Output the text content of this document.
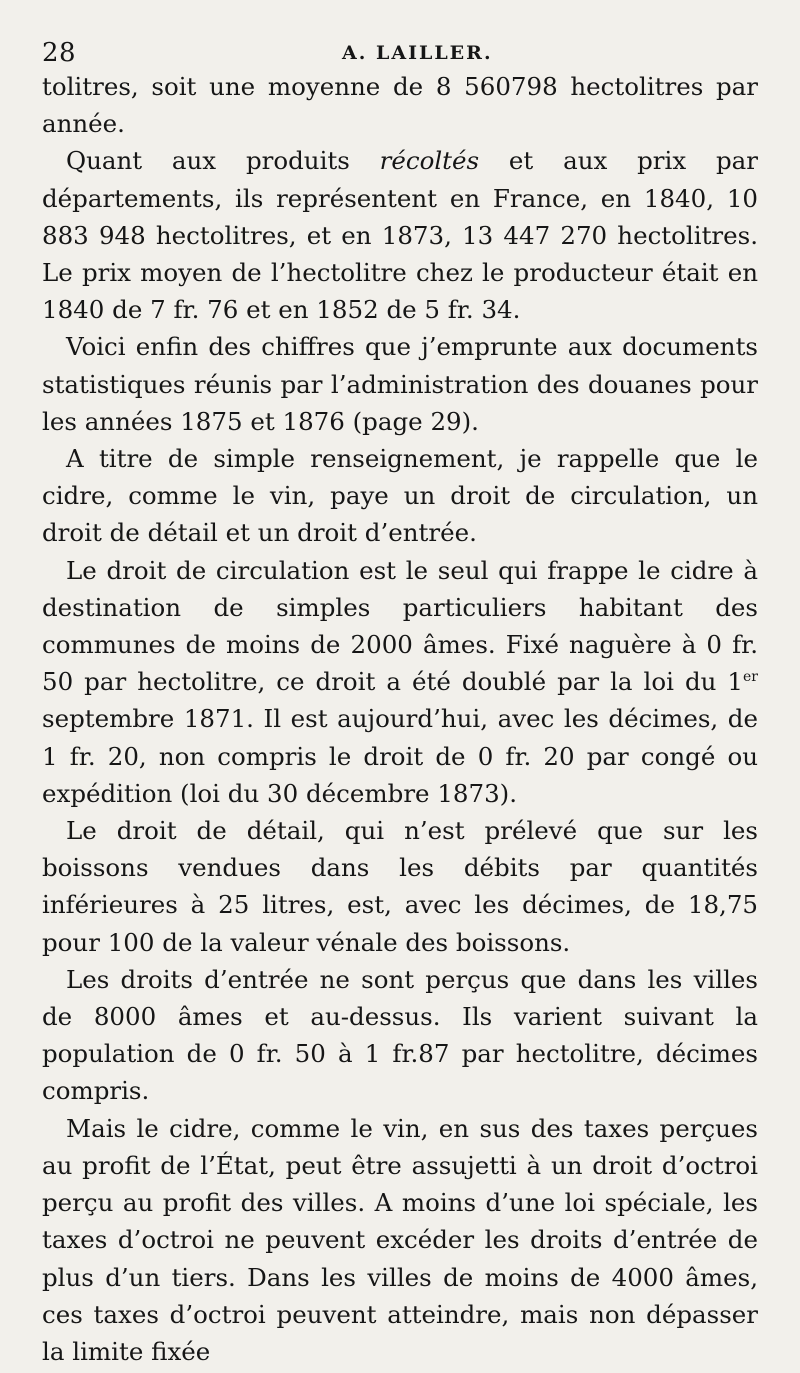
28	A. LAILLER.

tolitres, soit une moyenne de 8 560798 hectolitres par année.

Quant aux produits récoltés et aux prix par départements, ils représentent en France, en 1840, 10 883 948 hectolitres, et en 1873, 13 447 270 hectolitres. Le prix moyen de l’hectolitre chez le producteur était en 1840 de 7 fr. 76 et en 1852 de 5 fr. 34.

Voici enfin des chiffres que j’emprunte aux documents statistiques réunis par l’administration des douanes pour les années 1875 et 1876 (page 29).

A titre de simple renseignement, je rappelle que le cidre, comme le vin, paye un droit de circulation, un droit de détail et un droit d’entrée.

Le droit de circulation est le seul qui frappe le cidre à destination de simples particuliers habitant des communes de moins de 2000 âmes. Fixé naguère à 0 fr. 50 par hectolitre, ce droit a été doublé par la loi du 1er septembre 1871. Il est aujourd’hui, avec les décimes, de 1 fr. 20, non compris le droit de 0 fr. 20 par congé ou expédition (loi du 30 décembre 1873).

Le droit de détail, qui n’est prélevé que sur les boissons vendues dans les débits par quantités inférieures à 25 litres, est, avec les décimes, de 18,75 pour 100 de la valeur vénale des boissons.

Les droits d’entrée ne sont perçus que dans les villes de 8000 âmes et au-dessus. Ils varient suivant la population de 0 fr. 50 à 1 fr.87 par hectolitre, décimes compris.

Mais le cidre, comme le vin, en sus des taxes perçues au profit de l’État, peut être assujetti à un droit d’octroi perçu au profit des villes. A moins d’une loi spéciale, les taxes d’octroi ne peuvent excéder les droits d’entrée de plus d’un tiers. Dans les villes de moins de 4000 âmes, ces taxes d’octroi peuvent atteindre, mais non dépasser la limite fixée
